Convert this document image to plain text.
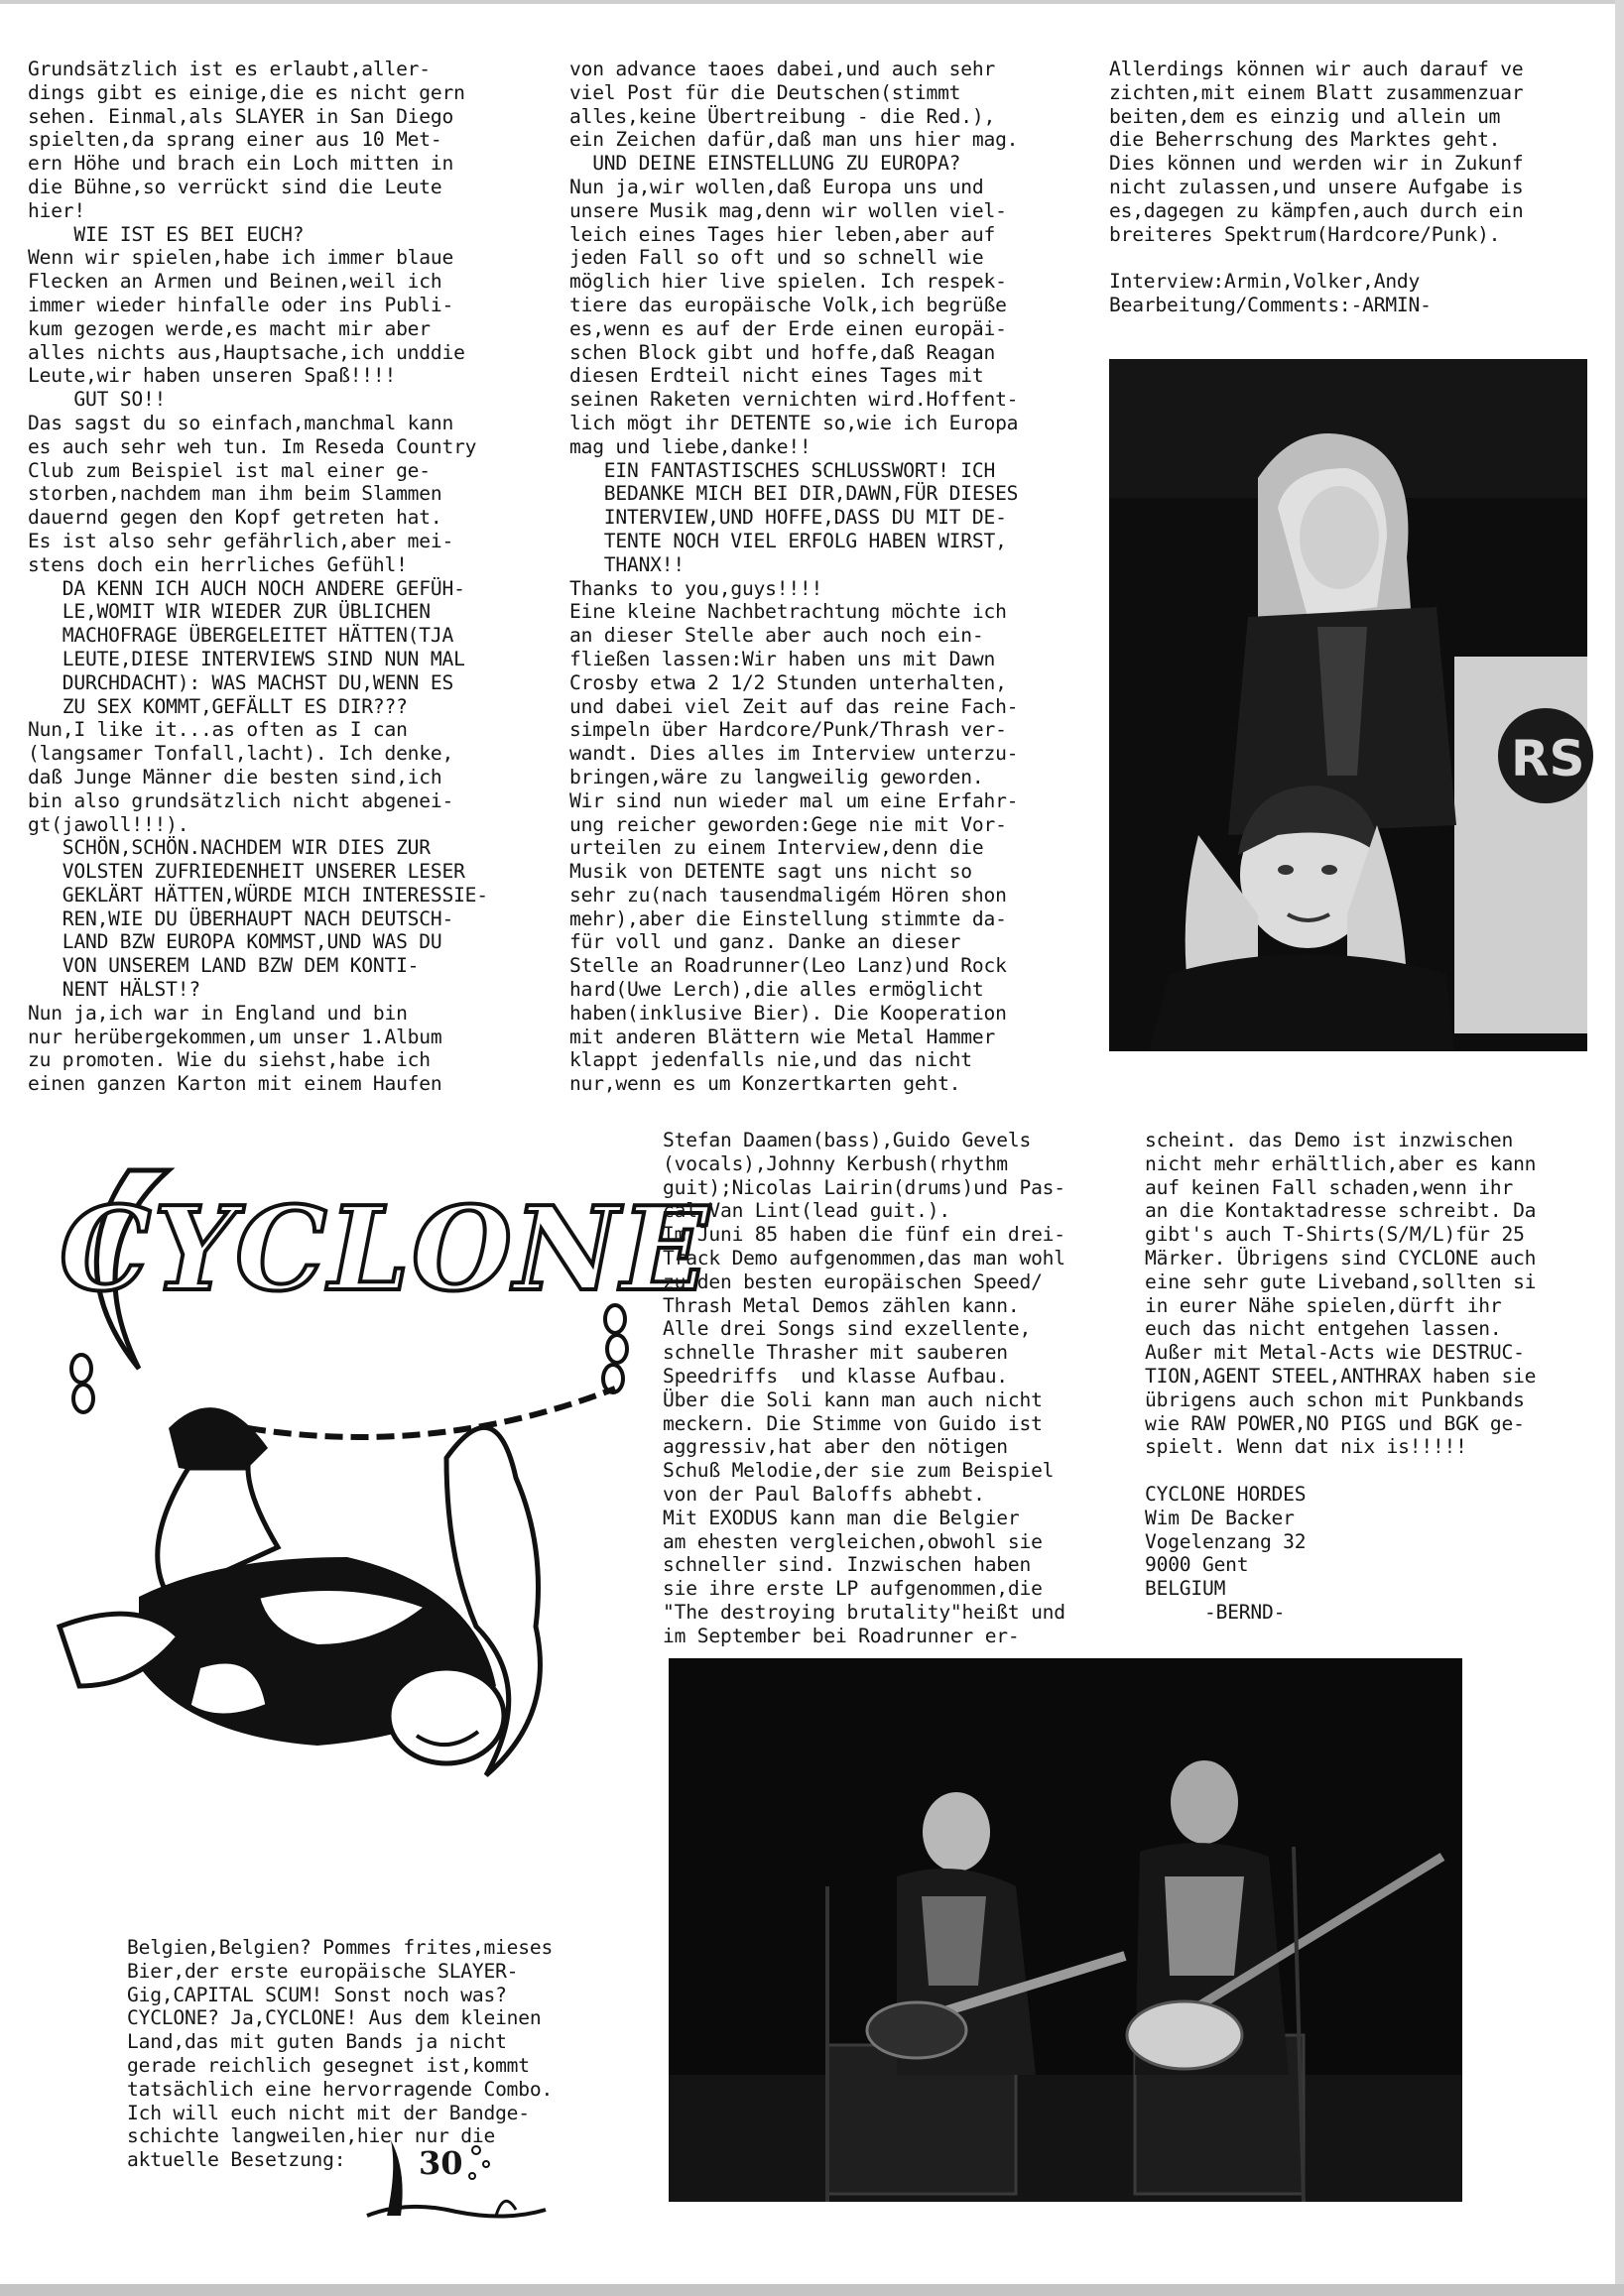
Grundsätzlich ist es erlaubt,aller-

dings gibt es einige,die es nicht gern

sehen. Einmal,als SLAYER in San Diego

spielten,da sprang einer aus 10 Met-

ern Höhe und brach ein Loch mitten in

die Bühne,so verrückt sind die Leute

hier!

WIE IST ES BEI EUCH?

Wenn wir spielen,habe ich immer blaue

Flecken an Armen und Beinen,weil ich

immer wieder hinfalle oder ins Publi-

kum gezogen werde,es macht mir aber

alles nichts aus,Hauptsache,ich unddie

Leute,wir haben unseren Spaß!!!!

GUT SO!!

Das sagst du so einfach,manchmal kann

es auch sehr weh tun. Im Reseda Country

Club zum Beispiel ist mal einer ge-

storben,nachdem man ihm beim Slammen

dauernd gegen den Kopf getreten hat.

Es ist also sehr gefährlich,aber mei-

stens doch ein herrliches Gefühl!

DA KENN ICH AUCH NOCH ANDERE GEFÜH-

LE,WOMIT WIR WIEDER ZUR ÜBLICHEN

MACHOFRAGE ÜBERGELEITET HÄTTEN(TJA

LEUTE,DIESE INTERVIEWS SIND NUN MAL

DURCHDACHT): WAS MACHST DU,WENN ES

ZU SEX KOMMT,GEFÄLLT ES DIR???

Nun,I like it...as often as I can

(langsamer Tonfall,lacht). Ich denke,

daß Junge Männer die besten sind,ich

bin also grundsätzlich nicht abgenei-

gt(jawoll!!!).

SCHÖN,SCHÖN.NACHDEM WIR DIES ZUR

VOLSTEN ZUFRIEDENHEIT UNSERER LESER

GEKLÄRT HÄTTEN,WÜRDE MICH INTERESSIE-

REN,WIE DU ÜBERHAUPT NACH DEUTSCH-

LAND BZW EUROPA KOMMST,UND WAS DU

VON UNSEREM LAND BZW DEM KONTI-

NENT HÄLST!?

Nun ja,ich war in England und bin

nur herübergekommen,um unser 1.Album

zu promoten. Wie du siehst,habe ich

einen ganzen Karton mit einem Haufen

von advance taoes dabei,und auch sehr

viel Post für die Deutschen(stimmt

alles,keine Übertreibung - die Red.),

ein Zeichen dafür,daß man uns hier mag.

UND DEINE EINSTELLUNG ZU EUROPA?

Nun ja,wir wollen,daß Europa uns und

unsere Musik mag,denn wir wollen viel-

leich eines Tages hier leben,aber auf

jeden Fall so oft und so schnell wie

möglich hier live spielen. Ich respek-

tiere das europäische Volk,ich begrüße

es,wenn es auf der Erde einen europäi-

schen Block gibt und hoffe,daß Reagan

diesen Erdteil nicht eines Tages mit

seinen Raketen vernichten wird.Hoffent-

lich mögt ihr DETENTE so,wie ich Europa

mag und liebe,danke!!

EIN FANTASTISCHES SCHLUSSWORT! ICH

BEDANKE MICH BEI DIR,DAWN,FÜR DIESES

INTERVIEW,UND HOFFE,DASS DU MIT DE-

TENTE NOCH VIEL ERFOLG HABEN WIRST,

THANX!!

Thanks to you,guys!!!!

Eine kleine Nachbetrachtung möchte ich

an dieser Stelle aber auch noch ein-

fließen lassen:Wir haben uns mit Dawn

Crosby etwa 2 1/2 Stunden unterhalten,

und dabei viel Zeit auf das reine Fach-

simpeln über Hardcore/Punk/Thrash ver-

wandt. Dies alles im Interview unterzu-

bringen,wäre zu langweilig geworden.

Wir sind nun wieder mal um eine Erfahr-

ung reicher geworden:Gege nie mit Vor-

urteilen zu einem Interview,denn die

Musik von DETENTE sagt uns nicht so

sehr zu(nach tausendmaligém Hören shon

mehr),aber die Einstellung stimmte da-

für voll und ganz. Danke an dieser

Stelle an Roadrunner(Leo Lanz)und Rock

hard(Uwe Lerch),die alles ermöglicht

haben(inklusive Bier). Die Kooperation

mit anderen Blättern wie Metal Hammer

klappt jedenfalls nie,und das nicht

nur,wenn es um Konzertkarten geht.

Allerdings können wir auch darauf ve

zichten,mit einem Blatt zusammenzuar

beiten,dem es einzig und allein um

die Beherrschung des Marktes geht.

Dies können und werden wir in Zukunf

nicht zulassen,und unsere Aufgabe is

es,dagegen zu kämpfen,auch durch ein

breiteres Spektrum(Hardcore/Punk).

Interview:Armin,Volker,Andy

Bearbeitung/Comments:-ARMIN-

RS
CYCLONE

Stefan Daamen(bass),Guido Gevels

(vocals),Johnny Kerbush(rhythm

guit);Nicolas Lairin(drums)und Pas-

cal Van Lint(lead guit.).

Im Juni 85 haben die fünf ein drei-

Track Demo aufgenommen,das man wohl

zu den besten europäischen Speed/

Thrash Metal Demos zählen kann.

Alle drei Songs sind exzellente,

schnelle Thrasher mit sauberen

Speedriffs  und klasse Aufbau.

Über die Soli kann man auch nicht

meckern. Die Stimme von Guido ist

aggressiv,hat aber den nötigen

Schuß Melodie,der sie zum Beispiel

von der Paul Baloffs abhebt.

Mit EXODUS kann man die Belgier

am ehesten vergleichen,obwohl sie

schneller sind. Inzwischen haben

sie ihre erste LP aufgenommen,die

"The destroying brutality"heißt und

im September bei Roadrunner er-

scheint. das Demo ist inzwischen

nicht mehr erhältlich,aber es kann

auf keinen Fall schaden,wenn ihr

an die Kontaktadresse schreibt. Da

gibt's auch T-Shirts(S/M/L)für 25

Märker. Übrigens sind CYCLONE auch

eine sehr gute Liveband,sollten si

in eurer Nähe spielen,dürft ihr

euch das nicht entgehen lassen.

Außer mit Metal-Acts wie DESTRUC-

TION,AGENT STEEL,ANTHRAX haben sie

übrigens auch schon mit Punkbands

wie RAW POWER,NO PIGS und BGK ge-

spielt. Wenn dat nix is!!!!!

CYCLONE HORDES

Wim De Backer

Vogelenzang 32

9000 Gent

BELGIUM

-BERND-

Belgien,Belgien? Pommes frites,mieses

Bier,der erste europäische SLAYER-

Gig,CAPITAL SCUM! Sonst noch was?

CYCLONE? Ja,CYCLONE! Aus dem kleinen

Land,das mit guten Bands ja nicht

gerade reichlich gesegnet ist,kommt

tatsächlich eine hervorragende Combo.

Ich will euch nicht mit der Bandge-

schichte langweilen,hier nur die

aktuelle Besetzung:	30
